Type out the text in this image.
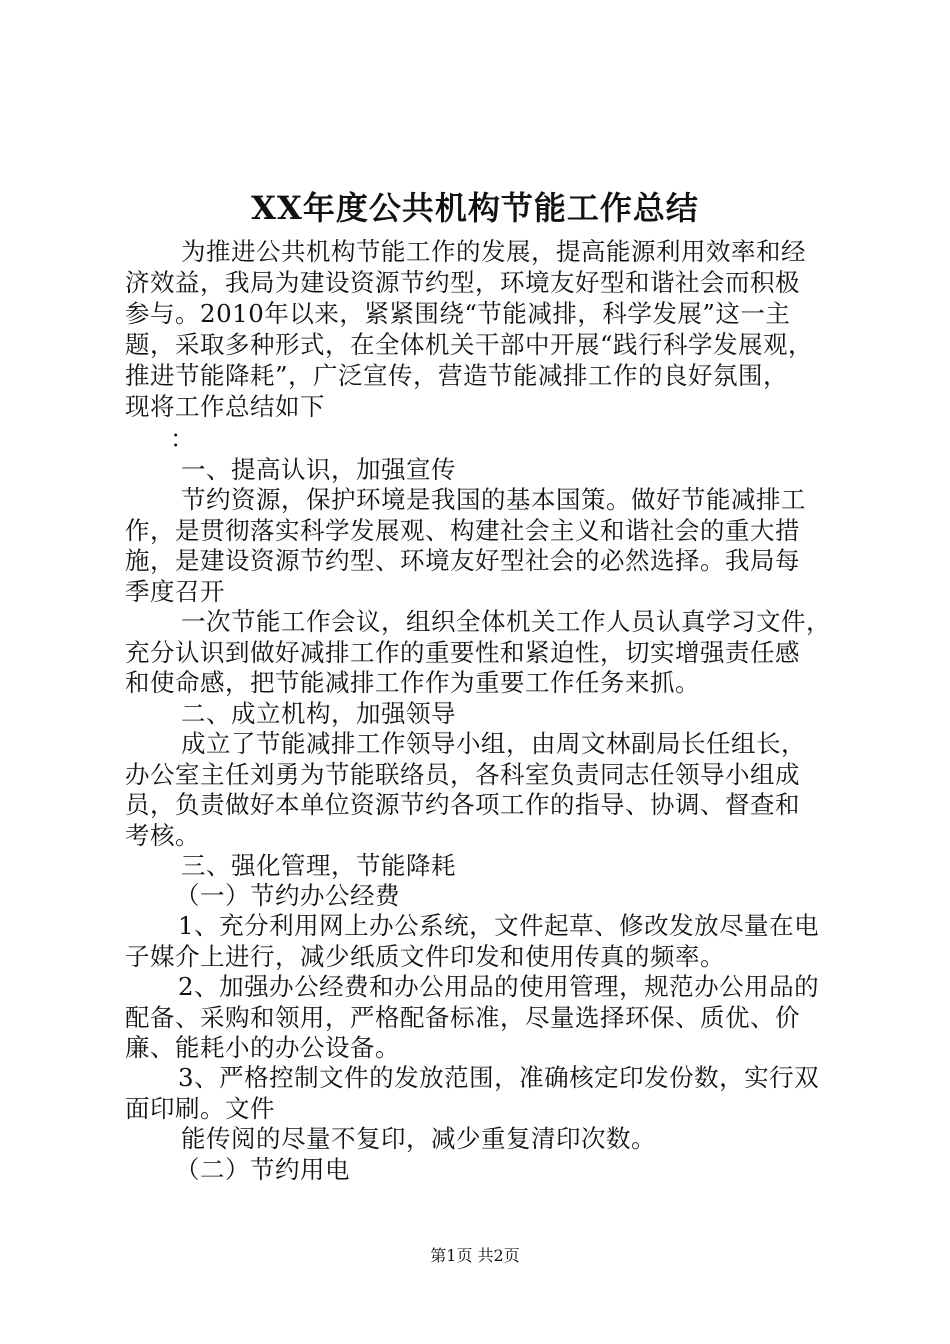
XX年度公共机构节能工作总结
为推进公共机构节能工作的发展，提高能源利用效率和经
济效益，我局为建设资源节约型，环境友好型和谐社会而积极
参与。2010年以来，紧紧围绕“节能减排，科学发展”这一主
题，采取多种形式，在全体机关干部中开展“践行科学发展观，
推进节能降耗”，广泛宣传，营造节能减排工作的良好氛围，
现将工作总结如下
：
一、提高认识，加强宣传
节约资源，保护环境是我国的基本国策。做好节能减排工
作，是贯彻落实科学发展观、构建社会主义和谐社会的重大措
施，是建设资源节约型、环境友好型社会的必然选择。我局每
季度召开
一次节能工作会议，组织全体机关工作人员认真学习文件，
充分认识到做好减排工作的重要性和紧迫性，切实增强责任感
和使命感，把节能减排工作作为重要工作任务来抓。
二、成立机构，加强领导
成立了节能减排工作领导小组，由周文林副局长任组长，
办公室主任刘勇为节能联络员，各科室负责同志任领导小组成
员，负责做好本单位资源节约各项工作的指导、协调、督查和
考核。
三、强化管理，节能降耗
（一）节约办公经费
1、充分利用网上办公系统，文件起草、修改发放尽量在电
子媒介上进行，减少纸质文件印发和使用传真的频率。
2、加强办公经费和办公用品的使用管理，规范办公用品的
配备、采购和领用，严格配备标准，尽量选择环保、质优、价
廉、能耗小的办公设备。
3、严格控制文件的发放范围，准确核定印发份数，实行双
面印刷。文件
能传阅的尽量不复印，减少重复清印次数。
（二）节约用电
第1页 共2页
